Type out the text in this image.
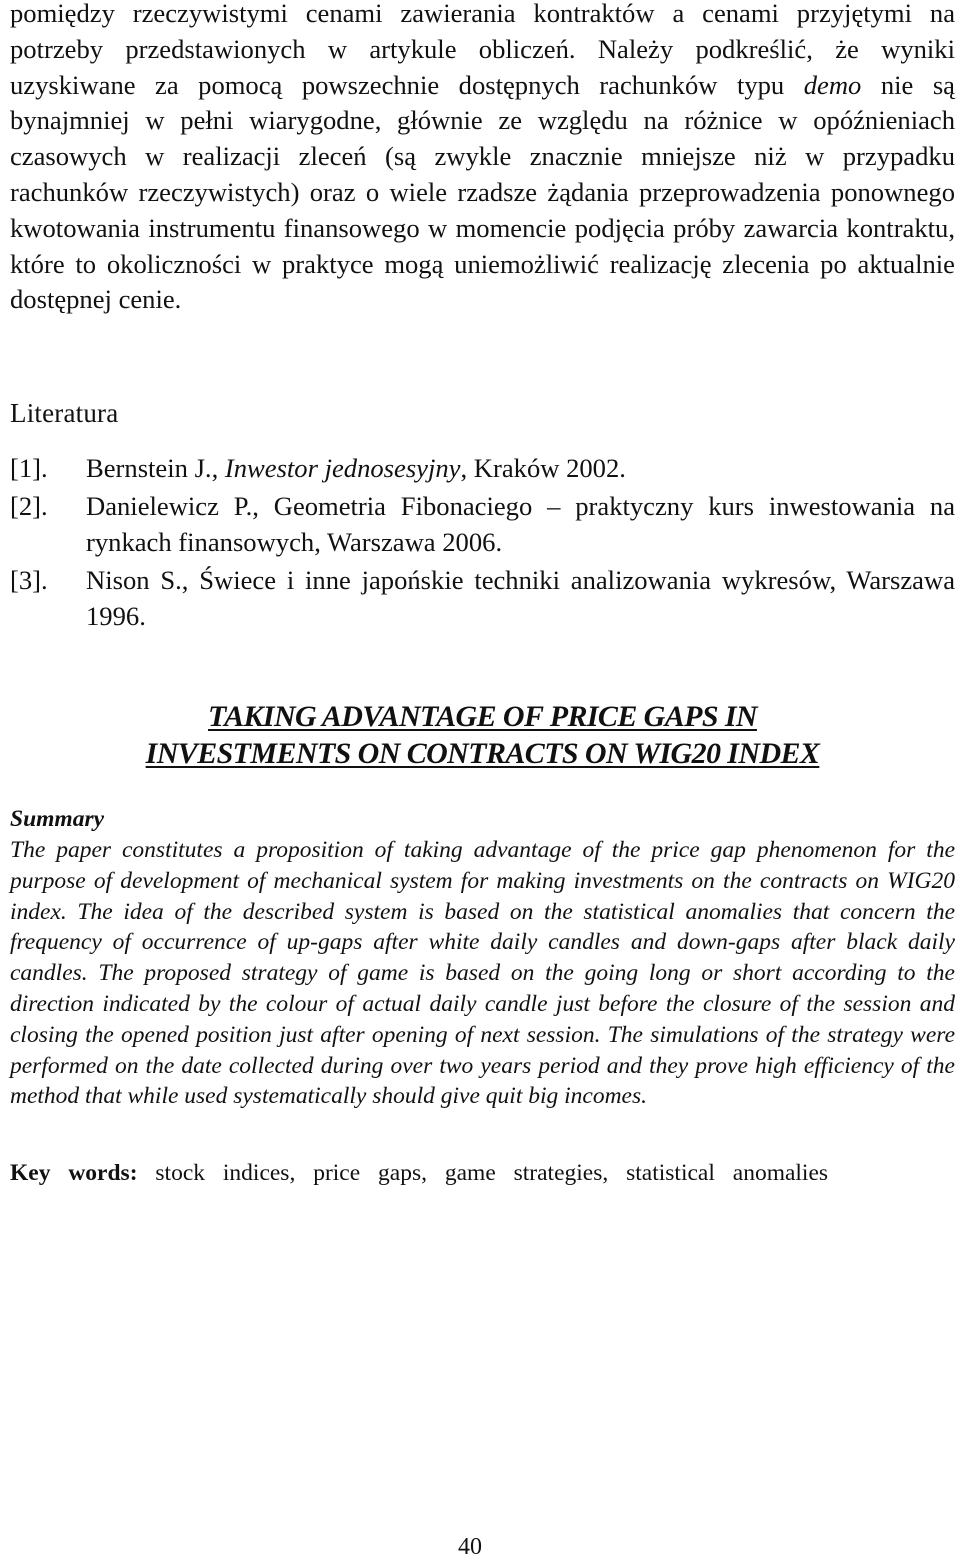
pomiędzy rzeczywistymi cenami zawierania kontraktów a cenami przyjętymi na potrzeby przedstawionych w artykule obliczeń. Należy podkreślić, że wyniki uzyskiwane za pomocą powszechnie dostępnych rachunków typu demo nie są bynajmniej w pełni wiarygodne, głównie ze względu na różnice w opóźnieniach czasowych w realizacji zleceń (są zwykle znacznie mniejsze niż w przypadku rachunków rzeczywistych) oraz o wiele rzadsze żądania przeprowadzenia ponownego kwotowania instrumentu finansowego w momencie podjęcia próby zawarcia kontraktu, które to okoliczności w praktyce mogą uniemożliwić realizację zlecenia po aktualnie dostępnej cenie.

Literatura
[1]. Bernstein J., Inwestor jednosesyjny, Kraków 2002.
[2]. Danielewicz P., Geometria Fibonaciego – praktyczny kurs inwestowania na rynkach finansowych, Warszawa 2006.
[3]. Nison S., Świece i inne japońskie techniki analizowania wykresów, Warszawa 1996.
TAKING ADVANTAGE OF PRICE GAPS IN
INVESTMENTS ON CONTRACTS ON WIG20 INDEX
Summary

The paper constitutes a proposition of taking advantage of the price gap phenomenon for the purpose of development of mechanical system for making investments on the contracts on WIG20 index. The idea of the described system is based on the statistical anomalies that concern the frequency of occurrence of up-gaps after white daily candles and down-gaps after black daily candles. The proposed strategy of game is based on the going long or short according to the direction indicated by the colour of actual daily candle just before the closure of the session and closing the opened position just after opening of next session. The simulations of the strategy were performed on the date collected during over two years period and they prove high efficiency of the method that while used systematically should give quit big incomes.

Key words: stock indices, price gaps, game strategies, statistical anomalies

40
